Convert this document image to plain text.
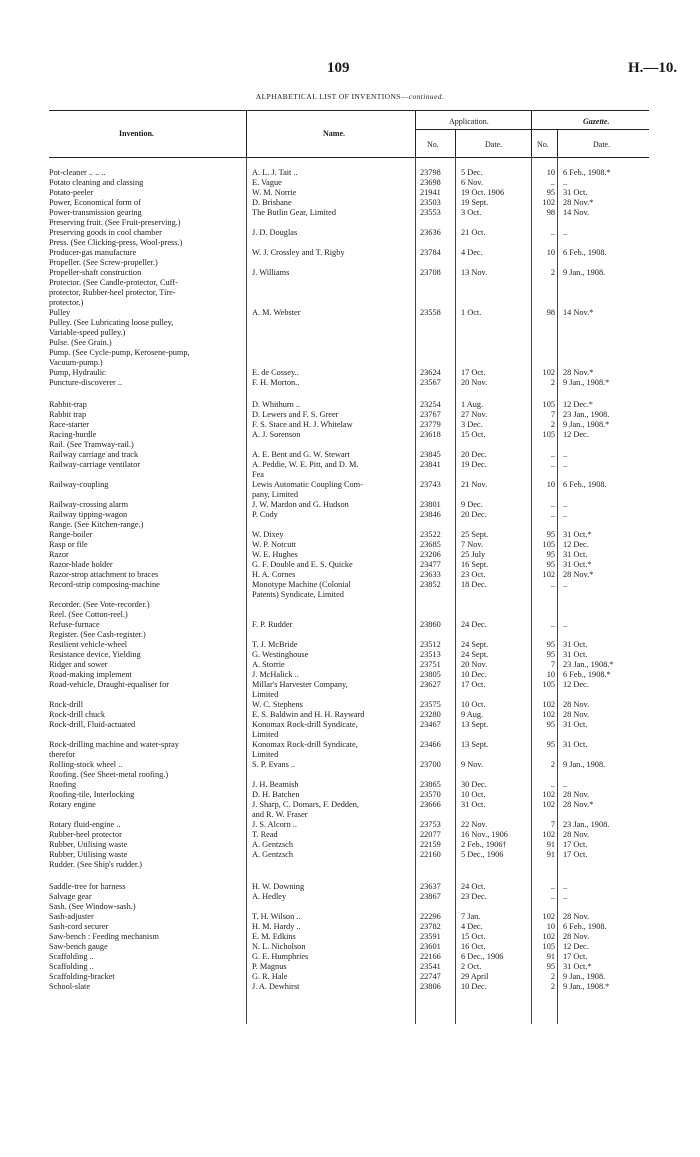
109	H.—10.
ALPHABETICAL LIST OF INVENTIONS—continued.
Invention.	Name.
Application.	Gazette.
No.	Date.	No.	Date.
Pot-cleaner .. .. ..	A. L. J. Tait ..	23798	5 Dec.	10 6 Feb., 1908.*
Potato cleaning and classing	E. Vague	23698	6 Nov.	.. ..
Potato-peeler	W. M. Norrie	21941	19 Oct. 1906	95 31 Oct.
Power, Economical form of	D. Brisbane	23503	19 Sept.	102 28 Nov.*
Power-transmission gearing	The Butlin Gear, Limited	23553	3 Oct.	98 14 Nov.
Preserving fruit. (See Fruit-preserving.)
Preserving goods in cool chamber	J. D. Douglas	23636	21 Oct.	.. ..
Press. (See Clicking-press, Wool-press.)
Producer-gas manufacture	W. J. Crossley and T. Rigby	23784	4 Dec.	10 6 Feb., 1908.
Propeller. (See Screw-propeller.)
Propeller-shaft construction	J. Williams	23708	13 Nov.	2 9 Jan., 1908.
Protector. (See Candle-protector, Cuff-
protector, Rubber-heel protector, Tire-
protector.)
Pulley	A. M. Webster	23558	1 Oct.	98 14 Nov.*
Pulley. (See Lubricating loose pulley,
Variable-speed pulley.)
Pulse. (See Grain.)
Pump. (See Cycle-pump, Kerosene-pump,
Vacuum-pump.)
Pump, Hydraulic	E. de Cossey..	23624	17 Oct.	102 28 Nov.*
Puncture-discoverer ..	F. H. Morton..	23567	20 Nov.	2 9 Jan., 1908.*
Rabbit-trap	D. Whithurn ..	23254	1 Aug.	105 12 Dec.*
Rabbit trap	D. Lewers and F. S. Greer	23767	27 Nov.	7 23 Jan., 1908.
Race-starter	F. S. Stace and H. J. Whitelaw	23779	3 Dec.	2 9 Jan., 1908.*
Racing-hurdle	A. J. Sorenson	23618	15 Oct.	105 12 Dec.
Rail. (See Tramway-rail.)
Railway carriage and track	A. E. Bent and G. W. Stewart	23845	20 Dec.	.. ..
Railway-carriage ventilator	A. Peddie, W. E. Pitt, and D. M.	23841	19 Dec.	.. ..
Fea
Railway-coupling	Lewis Automatic Coupling Com-	23743	21 Nov.	10 6 Feb., 1908.
pany, Limited
Railway-crossing alarm	J. W. Mardon and G. Hudson	23801	9 Dec.	.. ..
Railway tipping-wagon	P. Cody	23846	20 Dec.	.. ..
Range. (See Kitchen-range.)
Range-boiler	W. Dixey	23522	25 Sept.	95 31 Oct.*
Rasp or file	W. P. Notcutt	23685	7 Nov.	105 12 Dec.
Razor	W. E. Hughes	23206	25 July	95 31 Oct.
Razor-blade holder	G. F. Double and E. S. Quicke	23477	16 Sept.	95 31 Oct.*
Razor-strop attachment to braces	H. A. Cornes	23633	23 Oct.	102 28 Nov.*
Record-strip composing-machine	Monotype Machine (Colonial	23852	18 Dec.	.. ..
Patents) Syndicate, Limited
Recorder. (See Vote-recorder.)
Reel. (See Cotton-reel.)
Refuse-furnace	F. P. Rudder	23860	24 Dec.	.. ..
Register. (See Cash-register.)
Resilient vehicle-wheel	T. J. McBride	23512	24 Sept.	95 31 Oct.
Resistance device, Yielding	G. Westinghouse	23513	24 Sept.	95 31 Oct.
Ridger and sower	A. Storrie	23751	20 Nov.	7 23 Jan., 1908.*
Road-making implement	J. McHalick ..	23805	10 Dec.	10 6 Feb., 1908.*
Road-vehicle, Draught-equaliser for	Millar's Harvester Company,	23627	17 Oct.	105 12 Dec.
Limited
Rock-drill	W. C. Stephens	23575	10 Oct.	102 28 Nov.
Rock-drill chuck	E. S. Baldwin and H. H. Rayward	23280	9 Aug.	102 28 Nov.
Rock-drill, Fluid-actuated	Konomax Rock-drill Syndicate,	23467	13 Sept.	95 31 Oct.
Limited
Rock-drilling machine and water-spray	Konomax Rock-drill Syndicate,	23466	13 Sept.	95 31 Oct.
therefor	Limited
Rolling-stock wheel ..	S. P. Evans ..	23700	9 Nov.	2 9 Jan., 1908.
Roofing. (See Sheet-metal roofing.)
Roofing	J. H. Beamish	23865	30 Dec.	.. ..
Roofing-tile, Interlocking	D. H. Batchen	23570	10 Oct.	102 28 Nov.
Rotary engine	J. Sharp, C. Domars, F. Dedden,	23666	31 Oct.	102 28 Nov.*
and R. W. Fraser
Rotary fluid-engine ..	J. S. Alcorn ..	23753	22 Nov.	7 23 Jan., 1908.
Rubber-heel protector	T. Read	22077	16 Nov., 1906	102 28 Nov.
Rubber, Utilising waste	A. Gentzsch	22159	2 Feb., 1906†	91 17 Oct.
Rubber, Utilising waste	A. Gentzsch	22160	5 Dec., 1906	91 17 Oct.
Rudder. (See Ship's rudder.)
Saddle-tree for harness	H. W. Downing	23637	24 Oct.	.. ..
Salvage gear	A. Hedley	23867	23 Dec.	.. ..
Sash. (See Window-sash.)
Sash-adjuster	T. H. Wilson ..	22296	7 Jan.	102 28 Nov.
Sash-cord securer	H. M. Hardy ..	23782	4 Dec.	10 6 Feb., 1908.
Saw-bench : Feeding mechanism	E. M. Edkins	23591	15 Oct.	102 28 Nov.
Saw-bench gauge	N. L. Nicholson	23601	16 Oct.	105 12 Dec.
Scaffolding ..	G. E. Humphries	22166	6 Dec., 1906	91 17 Oct.
Scaffolding ..	P. Magnus	23541	2 Oct.	95 31 Oct.*
Scaffolding-bracket	G. R. Hale	22747	29 April	2 9 Jan., 1908.
School-slate	J. A. Dewhirst	23806	10 Dec.	2 9 Jan., 1908.*
